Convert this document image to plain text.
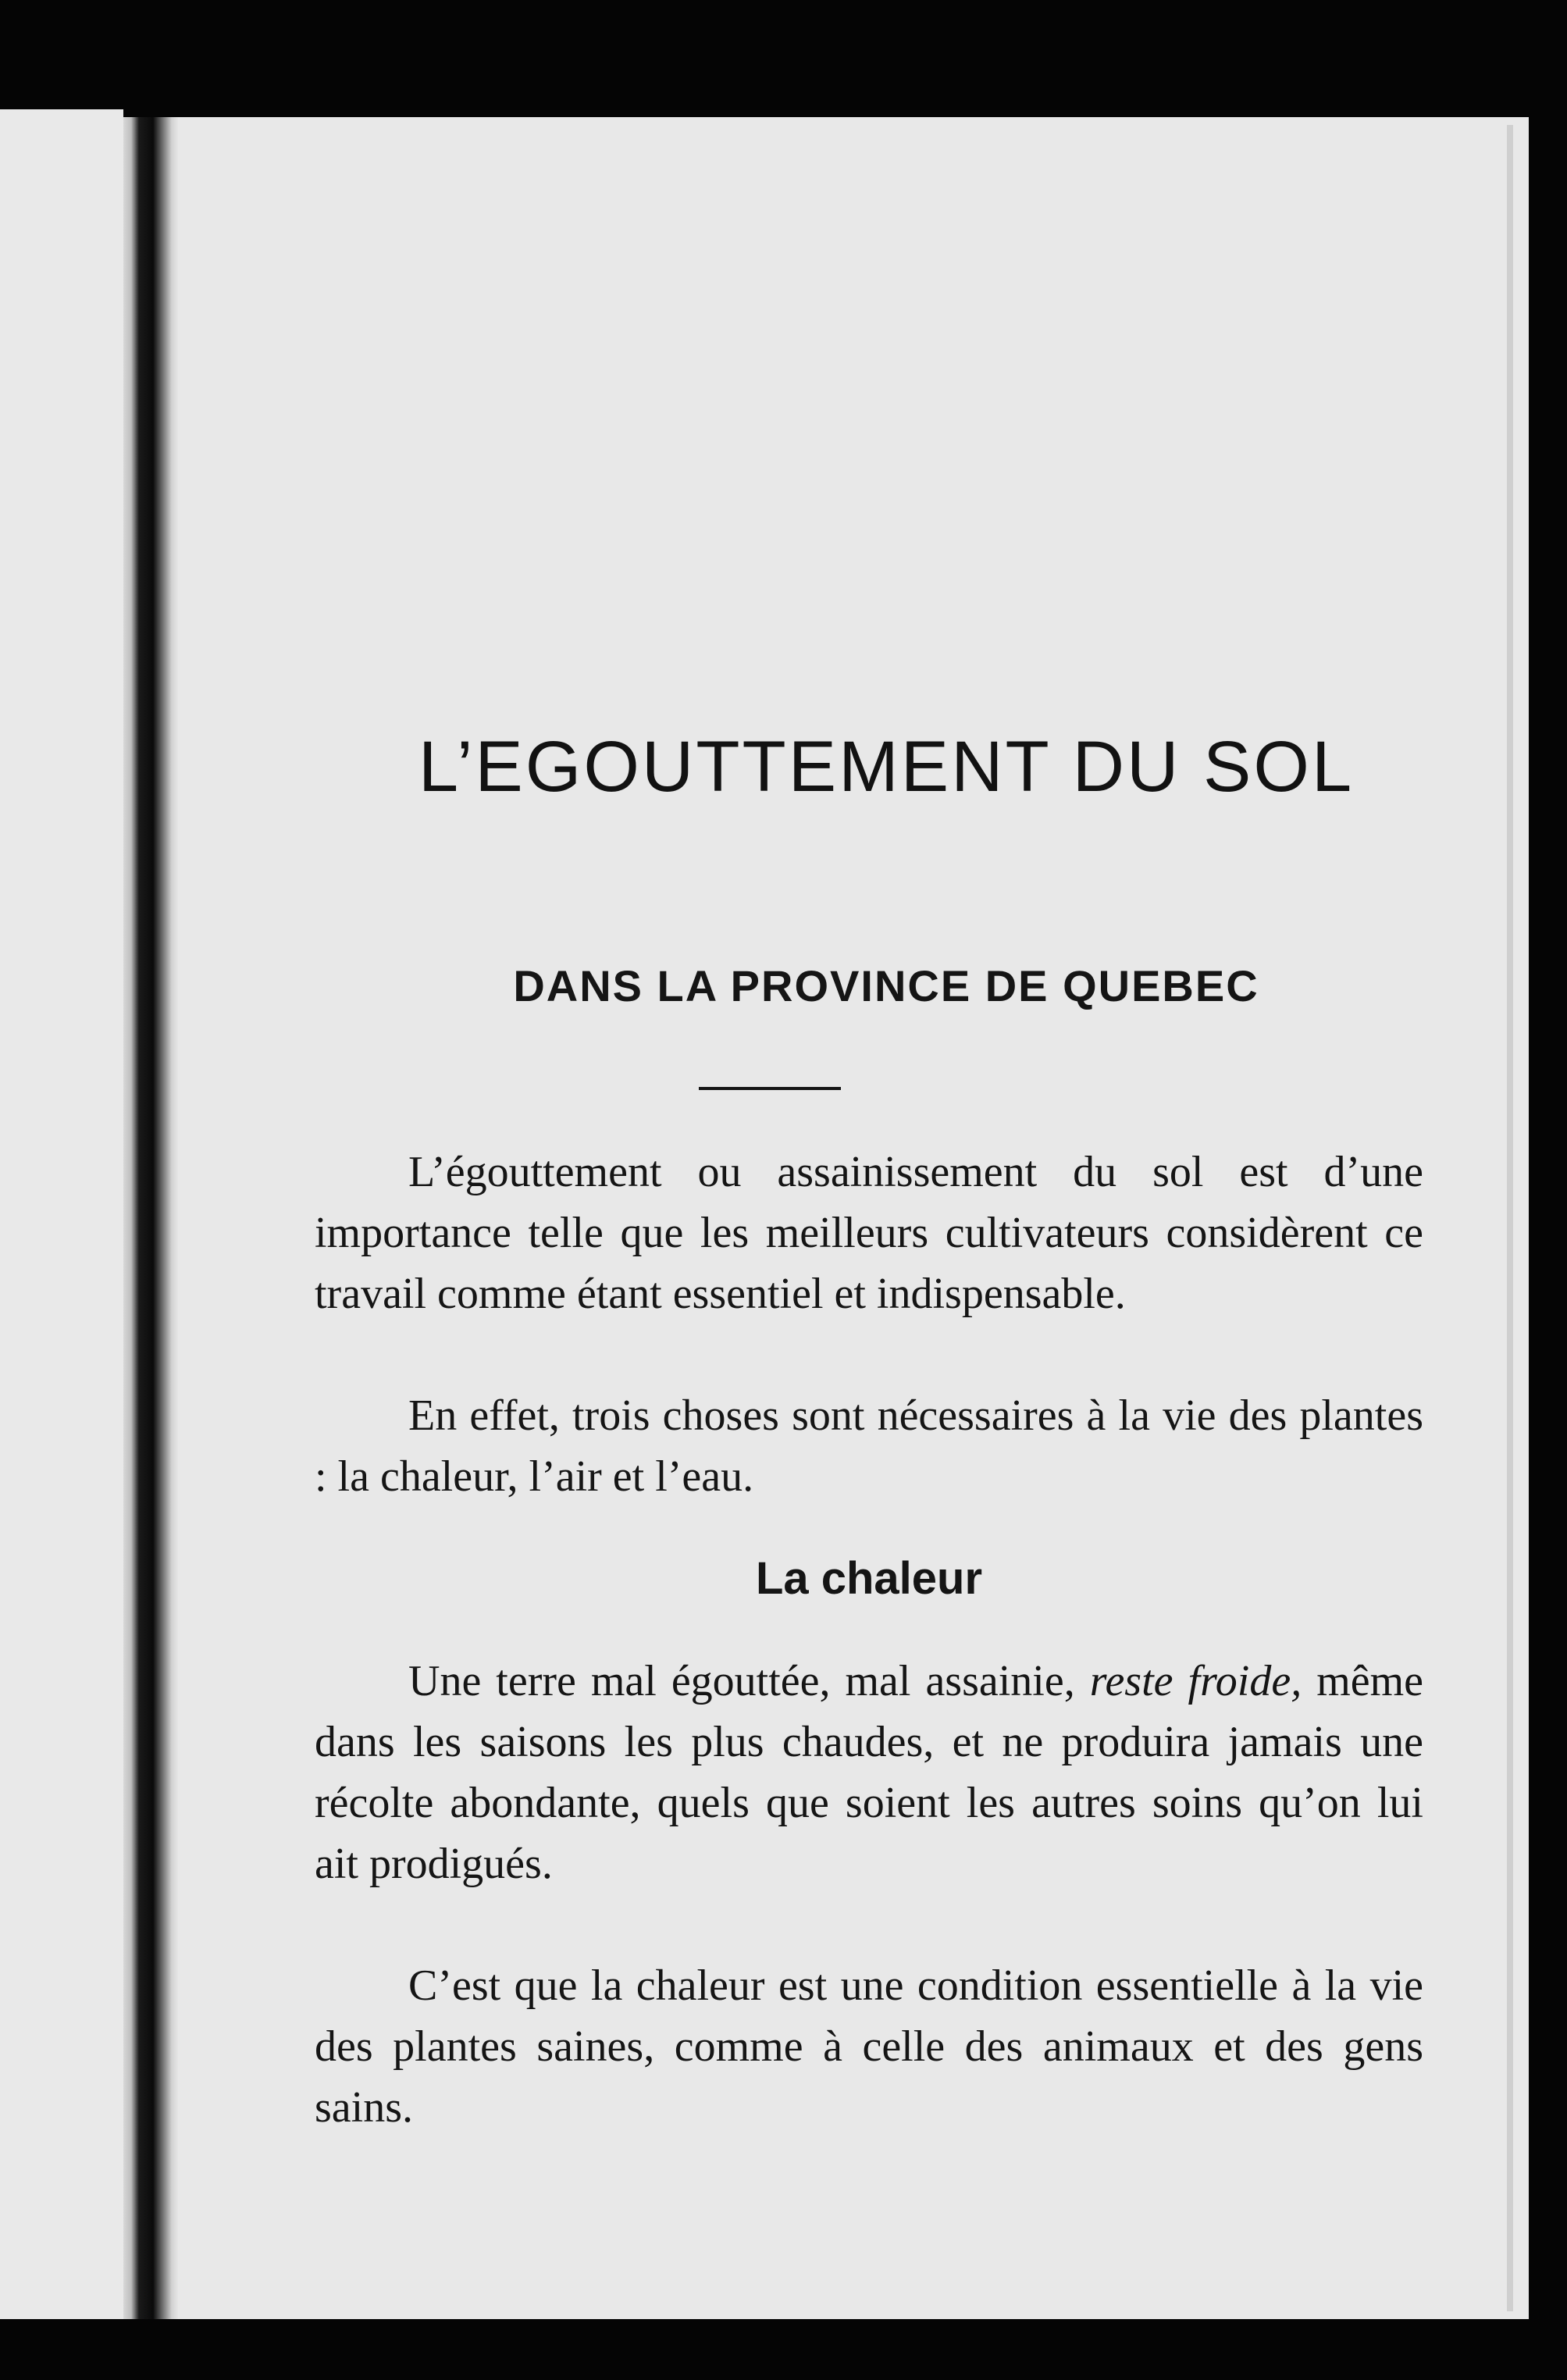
L’EGOUTTEMENT DU SOL
DANS LA PROVINCE DE QUEBEC

L’égouttement ou assainissement du sol est d’une importance telle que les meilleurs cultivateurs considèrent ce travail comme étant essentiel et indispensable.

En effet, trois choses sont nécessaires à la vie des plantes : la chaleur, l’air et l’eau.

La chaleur

Une terre mal égouttée, mal assainie, reste froide, même dans les saisons les plus chaudes, et ne produira jamais une récolte abondante, quels que soient les autres soins qu’on lui ait prodigués.

C’est que la chaleur est une condition essentielle à la vie des plantes saines, comme à celle des animaux et des gens sains.
